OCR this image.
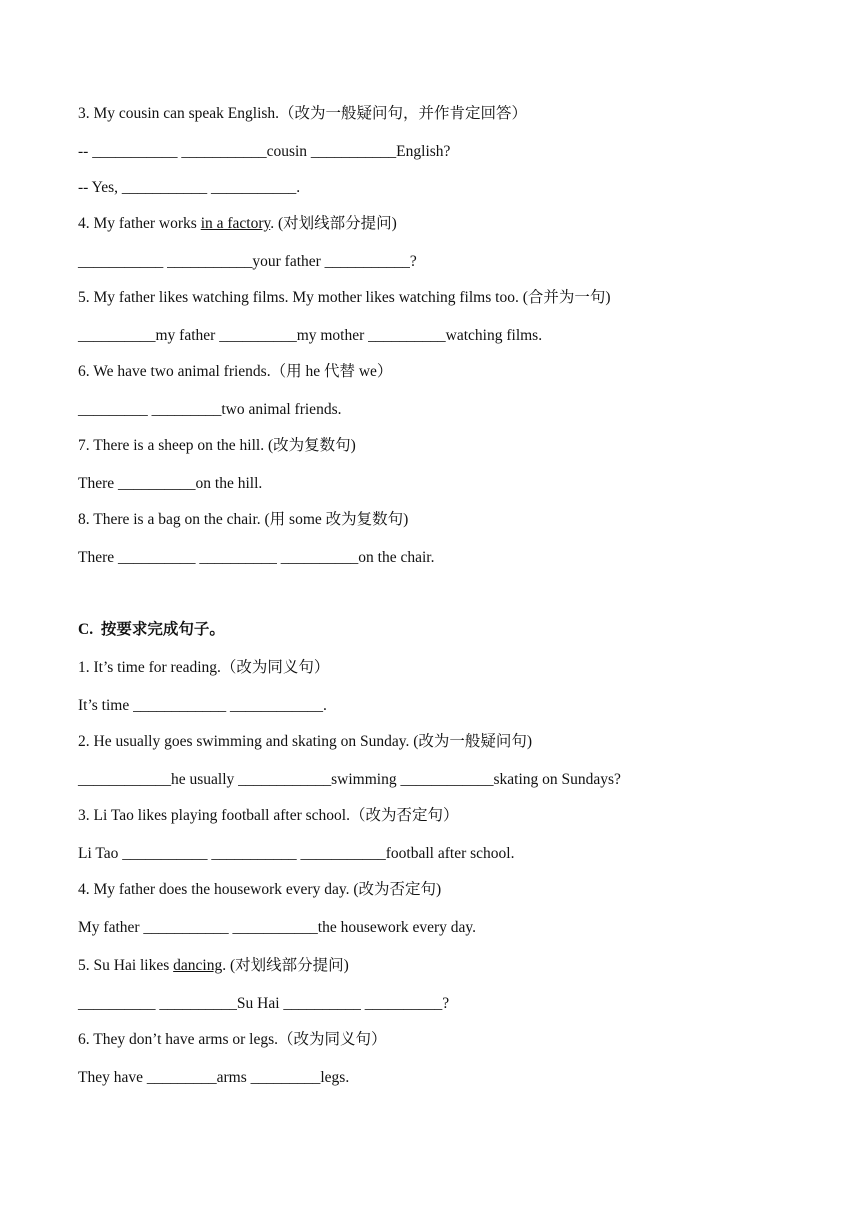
3. My cousin can speak English.（改为一般疑问句，并作肯定回答）
-- ___________ ___________cousin ___________English?
-- Yes, ___________ ___________.
4. My father works in a factory. (对划线部分提问)
___________ ___________your father ___________?
5. My father likes watching films. My mother likes watching films too. (合并为一句)
__________my father __________my mother __________watching films.
6. We have two animal friends.（用 he 代替 we）
_________ _________two animal friends.
7. There is a sheep on the hill. (改为复数句)
There __________on the hill.
8. There is a bag on the chair. (用 some 改为复数句)
There __________ __________ __________on the chair.
C.  按要求完成句子。
1. It’s time for reading.（改为同义句）
It’s time ____________ ____________.
2. He usually goes swimming and skating on Sunday. (改为一般疑问句)
____________he usually ____________swimming ____________skating on Sundays?
3. Li Tao likes playing football after school.（改为否定句）
Li Tao ___________ ___________ ___________football after school.
4. My father does the housework every day. (改为否定句)
My father ___________ ___________the housework every day.
5. Su Hai likes dancing. (对划线部分提问)
__________ __________Su Hai __________ __________?
6. They don’t have arms or legs.（改为同义句）
They have _________arms _________legs.
